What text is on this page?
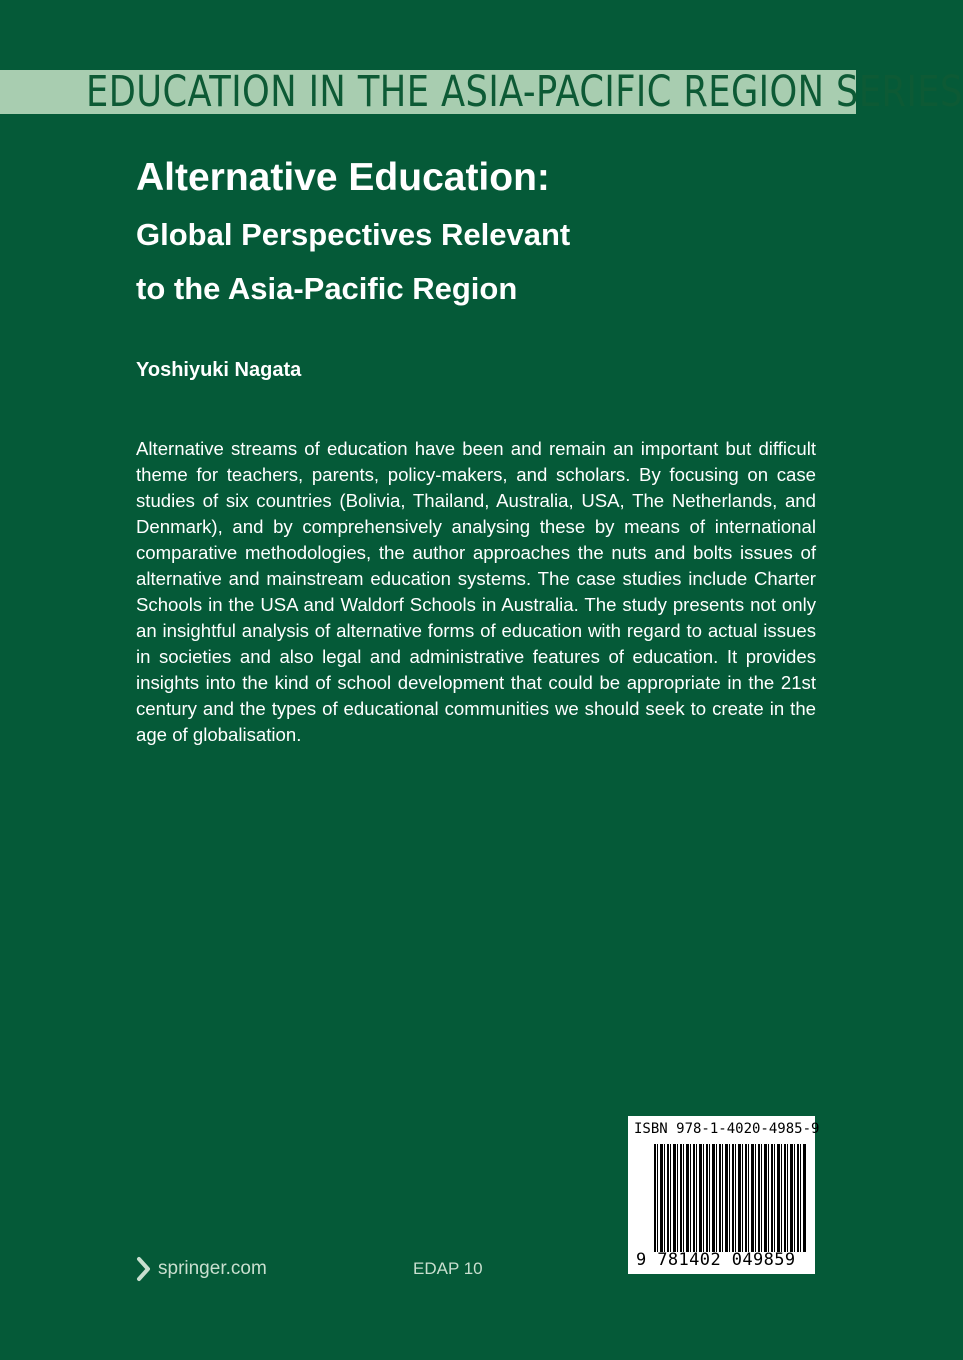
EDUCATION IN THE ASIA-PACIFIC REGION SERIES
Alternative Education:
Global Perspectives Relevant
to the Asia-Pacific Region
Yoshiyuki Nagata

Alternative streams of education have been and remain an important but difficult theme for teachers, parents, policy-makers, and scholars. By focusing on case studies of six countries (Bolivia, Thailand, Australia, USA, The Netherlands, and Denmark), and by comprehensively analysing these by means of international comparative methodologies, the author approaches the nuts and bolts issues of alternative and mainstream education systems. The case studies include Charter Schools in the USA and Waldorf Schools in Australia. The study presents not only an insightful analysis of alternative forms of education with regard to actual issues in societies and also legal and administrative features of education. It provides insights into the kind of school development that could be appropriate in the 21st century and the types of educational communities we should seek to create in the age of globalisation.

ISBN 978-1-4020-4985-9
9 781402 049859
springer.com	EDAP 10
